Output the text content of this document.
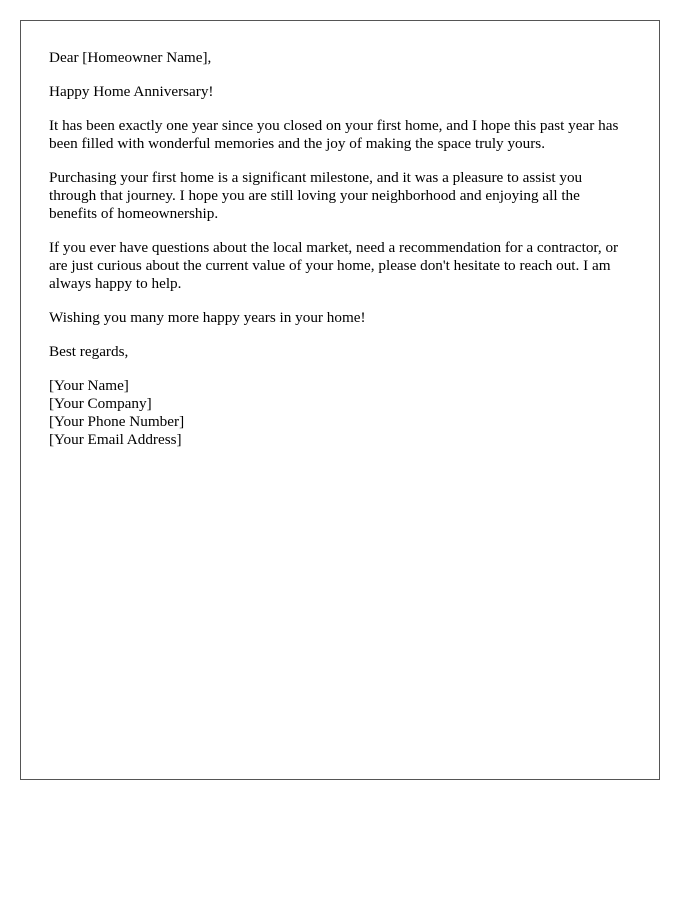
Dear [Homeowner Name],

Happy Home Anniversary!

It has been exactly one year since you closed on your first home, and I hope this past year has been filled with wonderful memories and the joy of making the space truly yours.

Purchasing your first home is a significant milestone, and it was a pleasure to assist you through that journey. I hope you are still loving your neighborhood and enjoying all the benefits of homeownership.

If you ever have questions about the local market, need a recommendation for a contractor, or are just curious about the current value of your home, please don't hesitate to reach out. I am always happy to help.

Wishing you many more happy years in your home!

Best regards,

[Your Name]

[Your Company]

[Your Phone Number]

[Your Email Address]
